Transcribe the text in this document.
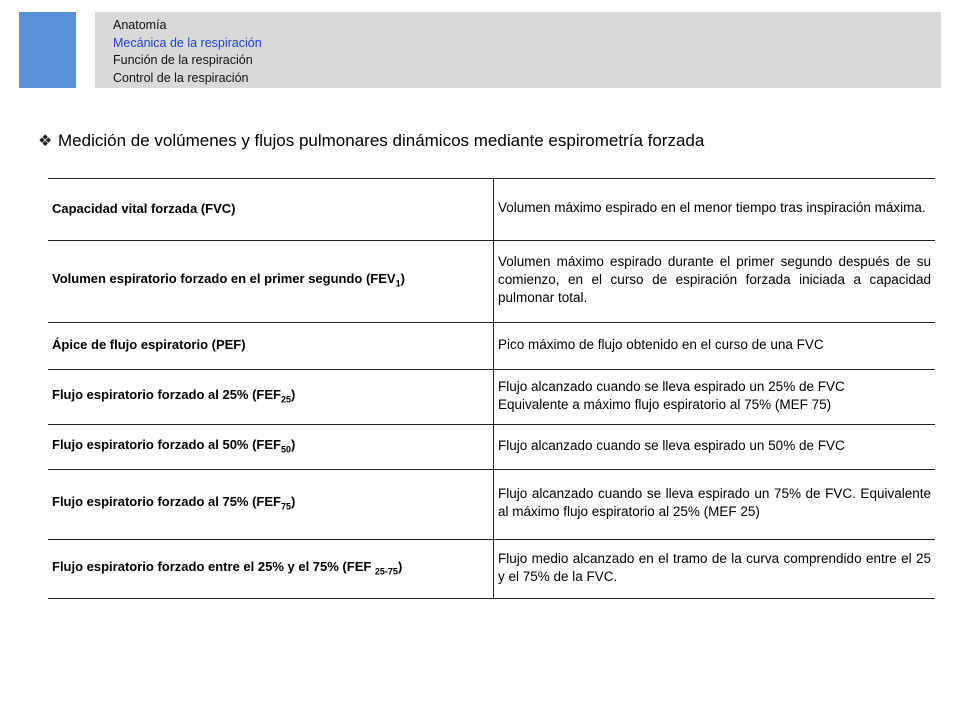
Anatomía
Mecánica de la respiración
Función de la respiración
Control de la respiración
❖ Medición de volúmenes y flujos pulmonares dinámicos mediante espirometría forzada
Capacidad vital forzada (FVC)	Volumen máximo espirado en el menor tiempo tras inspiración máxima.
Volumen espiratorio forzado en el primer segundo $(FEV_1)$	Volumen máximo espirado durante el primer segundo después de su comienzo, en el curso de espiración forzada iniciada a capacidad pulmonar total.
Ápice de flujo espiratorio (PEF)	Pico máximo de flujo obtenido en el curso de una FVC
Flujo espiratorio forzado al 25% $(FEF_{25})$	Flujo alcanzado cuando se lleva espirado un 25% de FVC
Equivalente a máximo flujo espiratorio al 75% (MEF 75)
Flujo espiratorio forzado al 50% $(FEF_{50})$	Flujo alcanzado cuando se lleva espirado un 50% de FVC
Flujo espiratorio forzado al 75% $(FEF_{75})$	Flujo alcanzado cuando se lleva espirado un 75% de FVC. Equivalente al máximo flujo espiratorio al 25% (MEF 25)
Flujo espiratorio forzado entre el 25% y el 75% (FEF $_{25-75}$)	Flujo medio alcanzado en el tramo de la curva comprendido entre el 25 y el 75% de la FVC.
